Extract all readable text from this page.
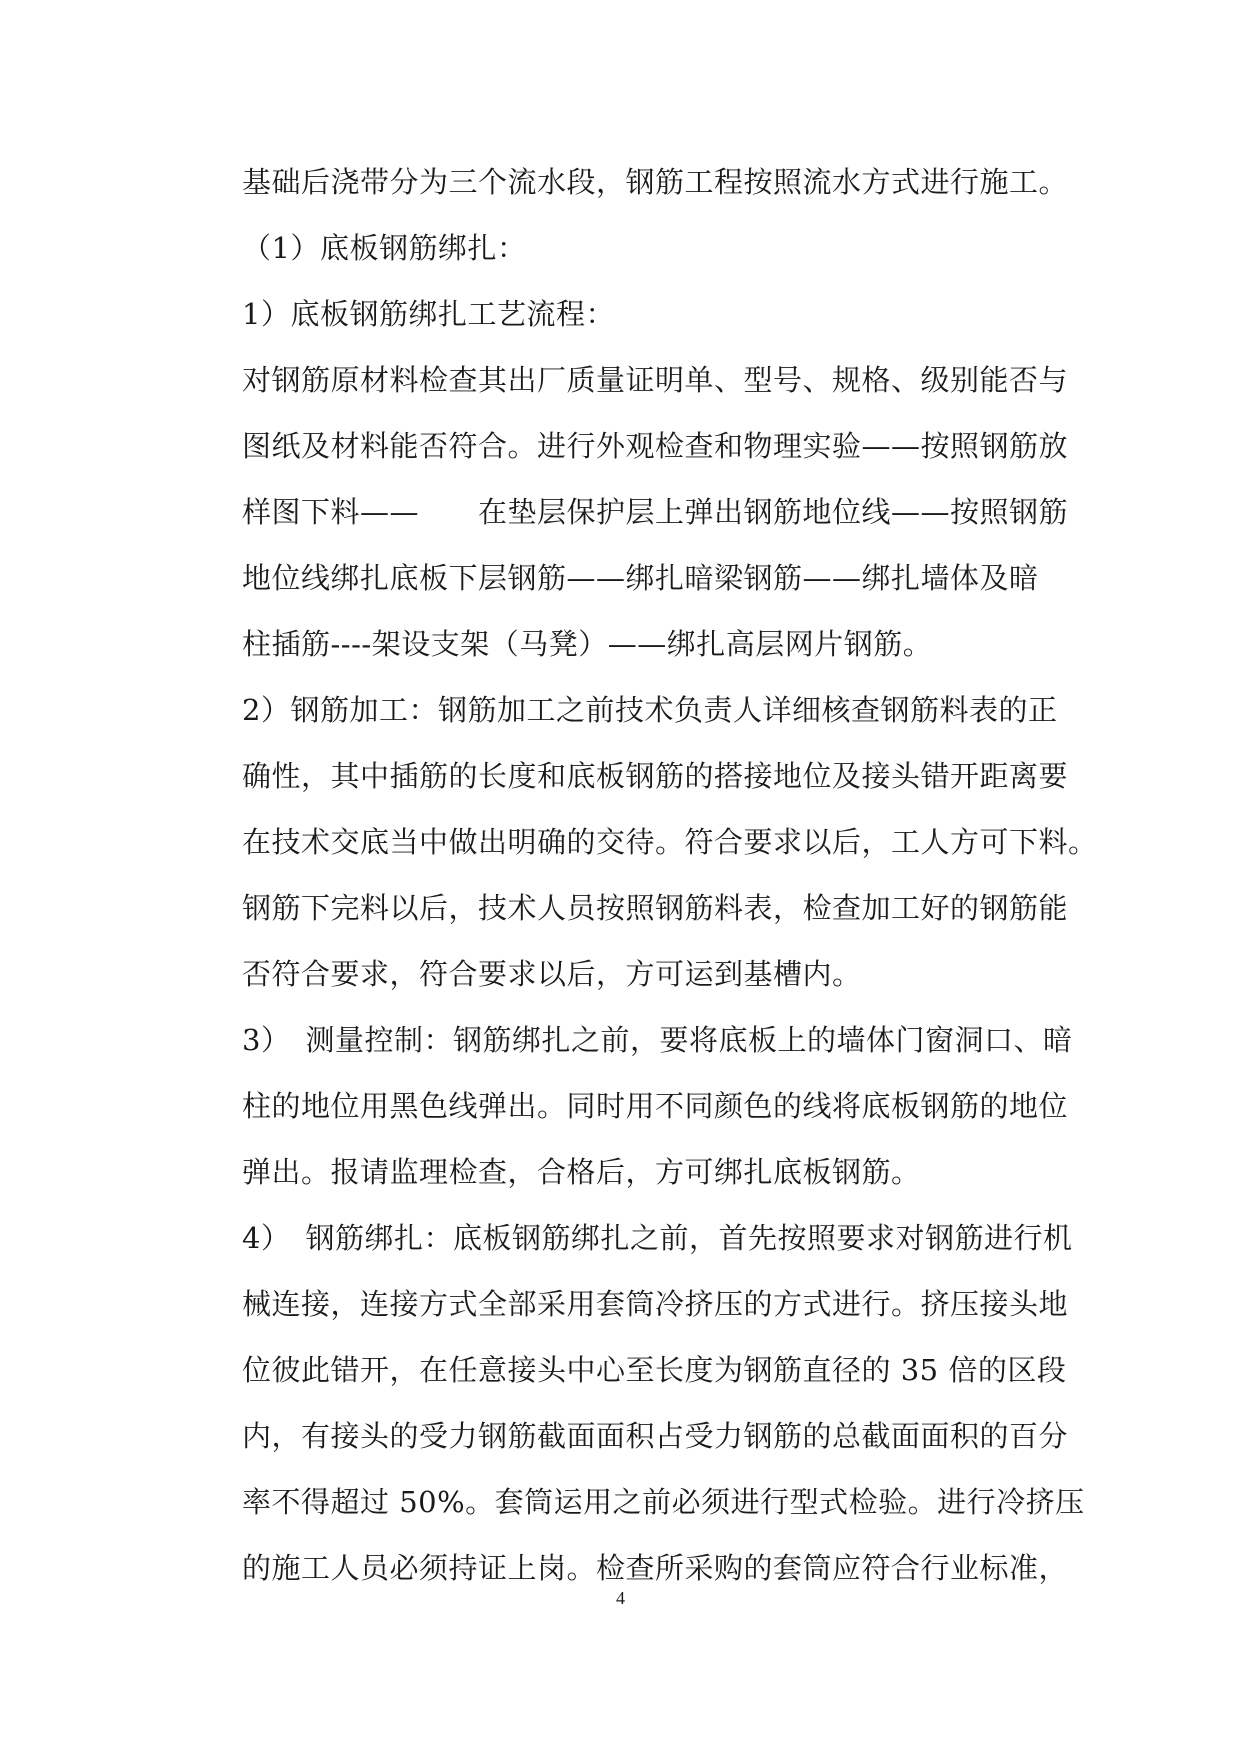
基础后浇带分为三个流水段，钢筋工程按照流水方式进行施工。
（1）底板钢筋绑扎：
1）底板钢筋绑扎工艺流程：
对钢筋原材料检查其出厂质量证明单、型号、规格、级别能否与
图纸及材料能否符合。进行外观检查和物理实验——按照钢筋放
样图下料——　　在垫层保护层上弹出钢筋地位线——按照钢筋
地位线绑扎底板下层钢筋——绑扎暗梁钢筋——绑扎墙体及暗
柱插筋----架设支架（马凳）——绑扎高层网片钢筋。
2）钢筋加工：钢筋加工之前技术负责人详细核查钢筋料表的正
确性，其中插筋的长度和底板钢筋的搭接地位及接头错开距离要
在技术交底当中做出明确的交待。符合要求以后，工人方可下料。
钢筋下完料以后，技术人员按照钢筋料表，检查加工好的钢筋能
否符合要求，符合要求以后，方可运到基槽内。
3）　测量控制：钢筋绑扎之前，要将底板上的墙体门窗洞口、暗
柱的地位用黑色线弹出。同时用不同颜色的线将底板钢筋的地位
弹出。报请监理检查，合格后，方可绑扎底板钢筋。
4）　钢筋绑扎：底板钢筋绑扎之前，首先按照要求对钢筋进行机
械连接，连接方式全部采用套筒冷挤压的方式进行。挤压接头地
位彼此错开，在任意接头中心至长度为钢筋直径的 35 倍的区段
内，有接头的受力钢筋截面面积占受力钢筋的总截面面积的百分
率不得超过 50%。套筒运用之前必须进行型式检验。进行冷挤压
的施工人员必须持证上岗。检查所采购的套筒应符合行业标准，
4
